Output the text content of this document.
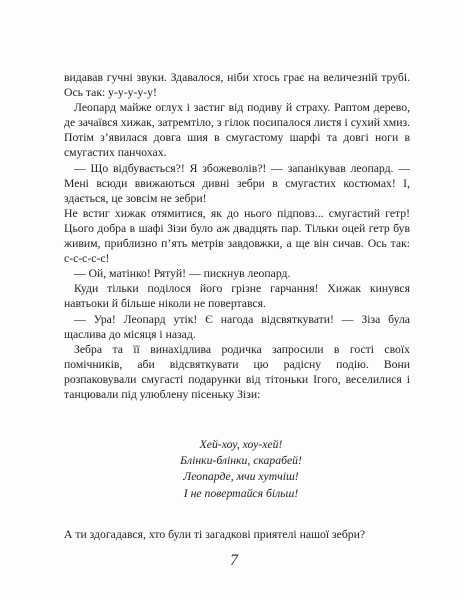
видавав гучні звуки. Здавалося, ніби хтось грає на величезній трубі. Ось так: у-у-у-у-у!

Леопард майже оглух і застиг від подиву й страху. Раптом дерево, де зачаївся хижак, затремтіло, з гілок посипалося листя і сухий хмиз. Потім з’явилася довга шия в смугастому шарфі та довгі ноги в смугастих панчохах.

— Що відбувається?! Я збожеволів?! — запанікував леопард. — Мені всюди ввижаються дивні зебри в смугастих костюмах! І, здається, це зовсім не зебри!

Не встиг хижак отямитися, як до нього підповз... смугастий гетр! Цього добра в шафі Зізи було аж двадцять пар. Тільки оцей гетр був живим, приблизно п’ять метрів завдовжки, а ще він сичав. Ось так: с-с-с-с-с!

— Ой, матінко! Рятуй! — пискнув леопард.

Куди тільки поділося його грізне гарчання! Хижак кинувся навтьоки й більше ніколи не повертався.

— Ура! Леопард утік! Є нагода відсвяткувати! — Зіза була щаслива до місяця і назад.

Зебра та її винахідлива родичка запросили в гості своїх помічників, аби відсвяткувати цю радісну подію. Вони розпаковували смугасті подарунки від тітоньки Ігого, веселилися і танцювали під улюблену пісеньку Зізи:

Хей-хоу, хоу-хей!
Блінки-блінки, скарабей!
Леопарде, мчи хутчіш!
І не повертайся більш!
А ти здогадався, хто були ті загадкові приятелі нашої зебри?
7
